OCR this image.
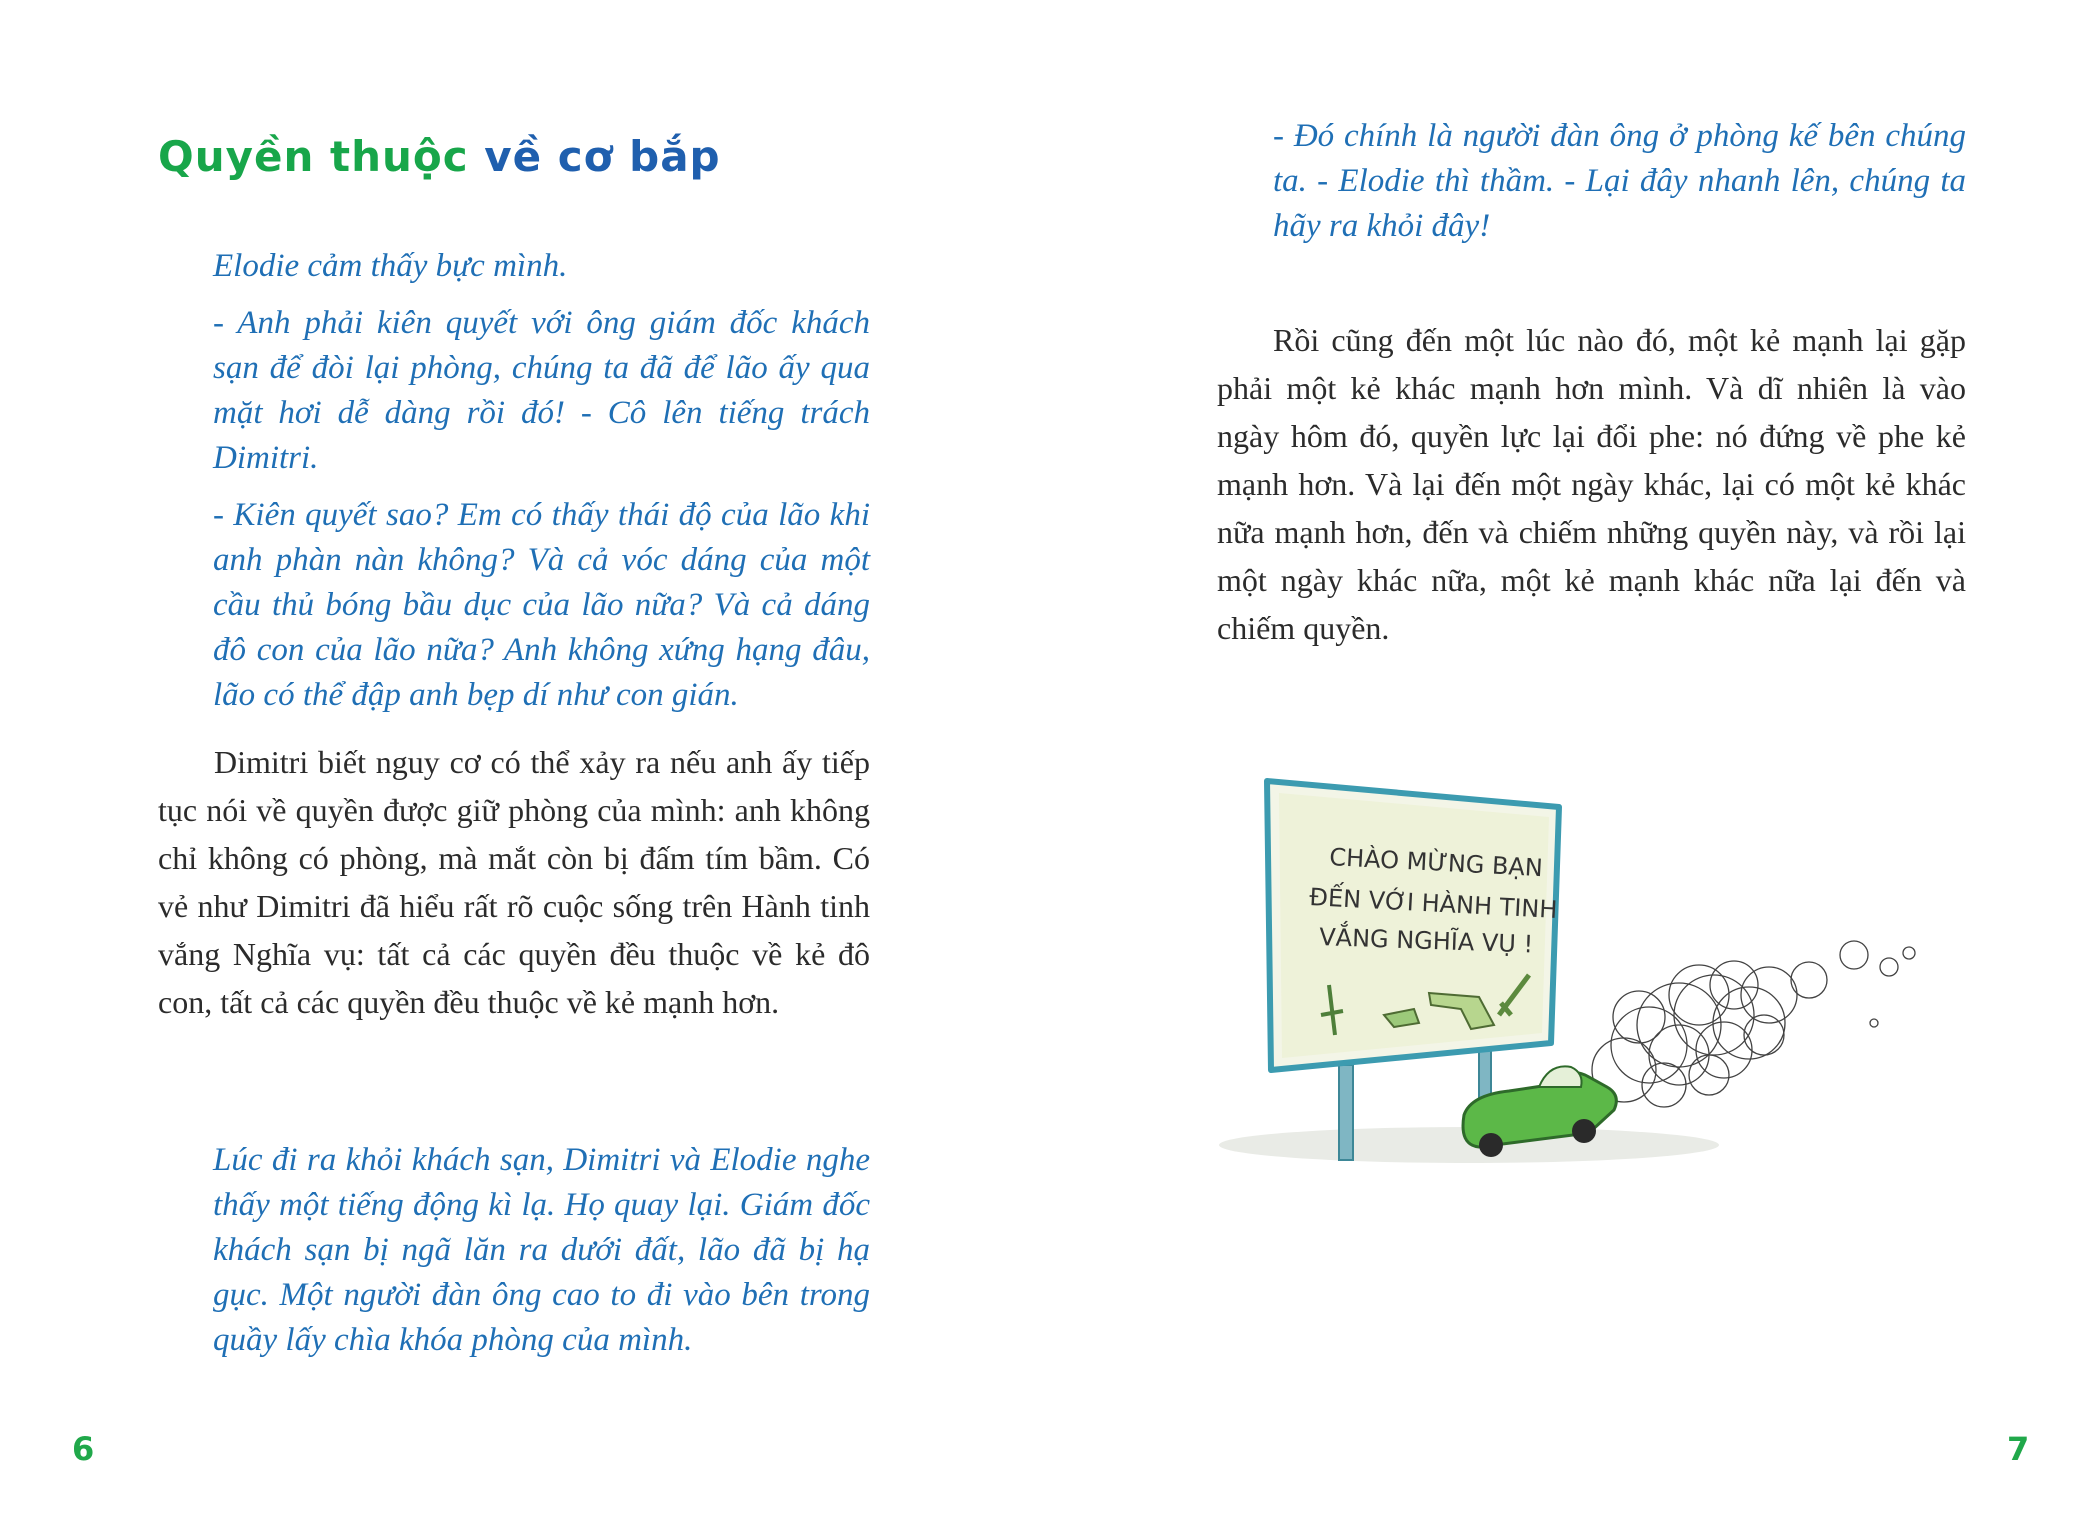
Quyền thuộc về cơ bắp

Elodie cảm thấy bực mình.

- Anh phải kiên quyết với ông giám đốc khách sạn để đòi lại phòng, chúng ta đã để lão ấy qua mặt hơi dễ dàng rồi đó! - Cô lên tiếng trách Dimitri.

- Kiên quyết sao? Em có thấy thái độ của lão khi anh phàn nàn không? Và cả vóc dáng của một cầu thủ bóng bầu dục của lão nữa? Và cả dáng đô con của lão nữa? Anh không xứng hạng đâu, lão có thể đập anh bẹp dí như con gián.

Dimitri biết nguy cơ có thể xảy ra nếu anh ấy tiếp tục nói về quyền được giữ phòng của mình: anh không chỉ không có phòng, mà mắt còn bị đấm tím bầm. Có vẻ như Dimitri đã hiểu rất rõ cuộc sống trên Hành tinh vắng Nghĩa vụ: tất cả các quyền đều thuộc về kẻ đô con, tất cả các quyền đều thuộc về kẻ mạnh hơn.

Lúc đi ra khỏi khách sạn, Dimitri và Elodie nghe thấy một tiếng động kì lạ. Họ quay lại. Giám đốc khách sạn bị ngã lăn ra dưới đất, lão đã bị hạ gục. Một người đàn ông cao to đi vào bên trong quầy lấy chìa khóa phòng của mình.

6

- Đó chính là người đàn ông ở phòng kế bên chúng ta. - Elodie thì thầm. - Lại đây nhanh lên, chúng ta hãy ra khỏi đây!

Rồi cũng đến một lúc nào đó, một kẻ mạnh lại gặp phải một kẻ khác mạnh hơn mình. Và dĩ nhiên là vào ngày hôm đó, quyền lực lại đổi phe: nó đứng về phe kẻ mạnh hơn. Và lại đến một ngày khác, lại có một kẻ khác nữa mạnh hơn, đến và chiếm những quyền này, và rồi lại một ngày khác nữa, một kẻ mạnh khác nữa lại đến và chiếm quyền.

CHÀO MỪNG BẠN
ĐẾN VỚI HÀNH TINH
VẮNG NGHĨA VỤ !
7
